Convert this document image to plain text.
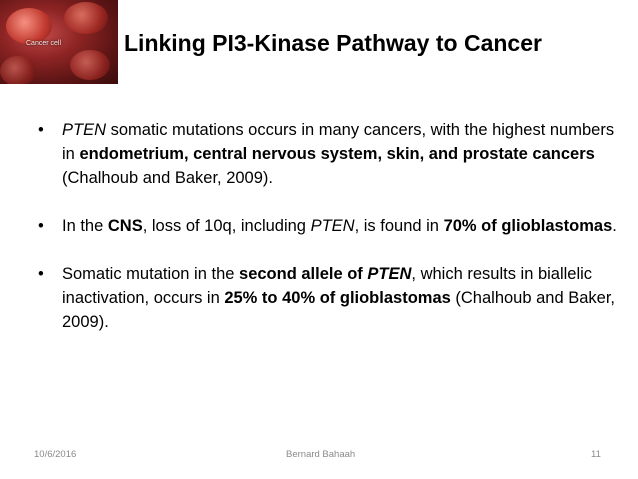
Cancer cell	Linking PI3-Kinase Pathway to Cancer
• PTEN somatic mutations occurs in many cancers, with the highest numbers in endometrium, central nervous system, skin, and prostate cancers (Chalhoub and Baker, 2009).
• In the CNS, loss of 10q, including PTEN, is found in 70% of glioblastomas.
• Somatic mutation in the second allele of PTEN, which results in biallelic inactivation, occurs in 25% to 40% of glioblastomas (Chalhoub and Baker, 2009).
10/6/2016	Bernard Bahaah	11
